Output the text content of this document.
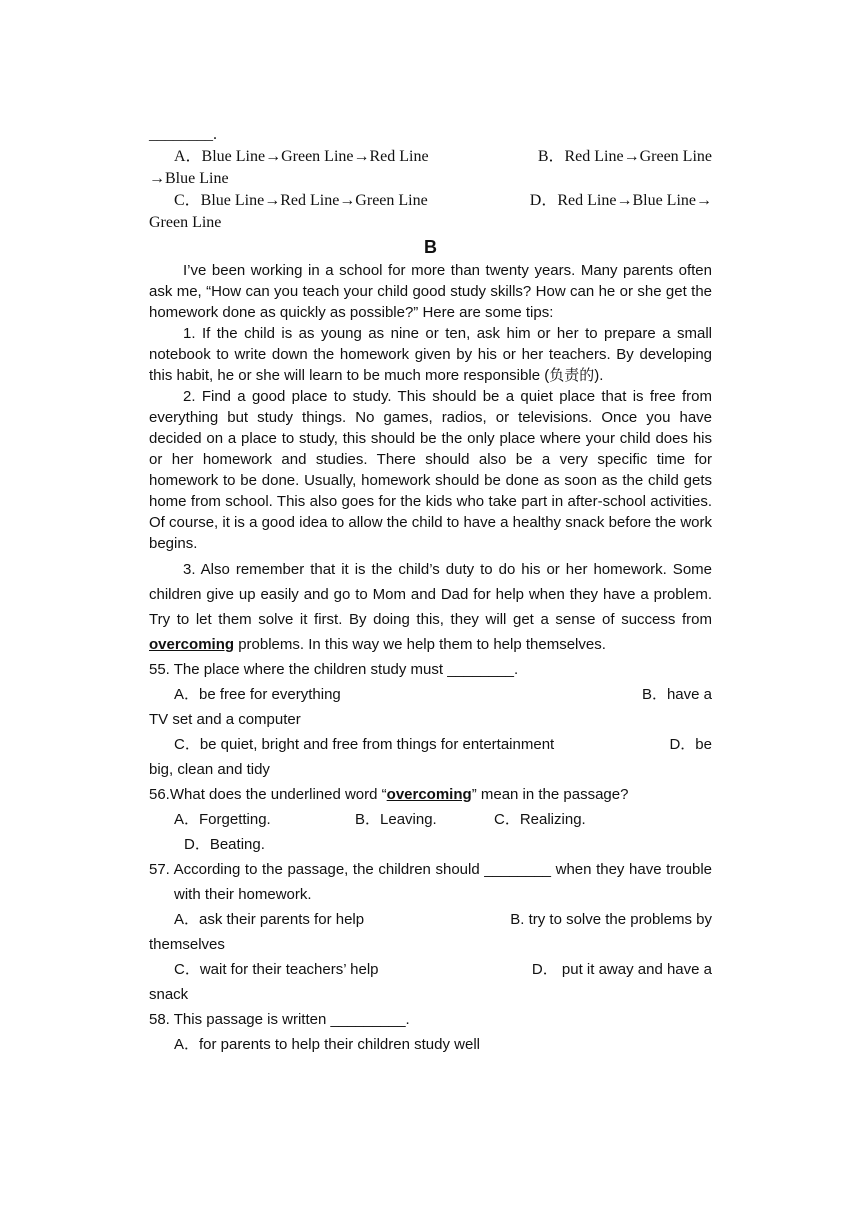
________.

A．Blue Line→Green Line→Red Line	B．Red Line→Green Line

→Blue Line

C．Blue Line→Red Line→Green Line	D．Red Line→Blue Line→

Green Line

B

I’ve been working in a school for more than twenty years. Many parents often ask me, “How can you teach your child good study skills? How can he or she get the homework done as quickly as possible?” Here are some tips:

1. If the child is as young as nine or ten, ask him or her to prepare a small notebook to write down the homework given by his or her teachers. By developing this habit, he or she will learn to be much more responsible (负责的).

2. Find a good place to study. This should be a quiet place that is free from everything but study things. No games, radios, or televisions. Once you have decided on a place to study, this should be the only place where your child does his or her homework and studies. There should also be a very specific time for homework to be done. Usually, homework should be done as soon as the child gets home from school. This also goes for the kids who take part in after-school activities. Of course, it is a good idea to allow the child to have a healthy snack before the work begins.

3. Also remember that it is the child’s duty to do his or her homework. Some children give up easily and go to Mom and Dad for help when they have a problem. Try to let them solve it first. By doing this, they will get a sense of success from overcoming problems. In this way we help them to help themselves.

55. The place where the children study must ________.

A．be free for everything	B．have a

TV set and a computer

C．be quiet, bright and free from things for entertainment	D．be

big, clean and tidy

56.What does the underlined word “overcoming” mean in the passage?

A．Forgetting.	B．Leaving.	C．Realizing.

D．Beating.

57. According to the passage, the children should ________ when they have trouble with their homework.

A．ask their parents for help	B. try to solve the problems by

themselves

C．wait for their teachers’ help	D． put it away and have a

snack

58. This passage is written _________.

A．for parents to help their children study well
